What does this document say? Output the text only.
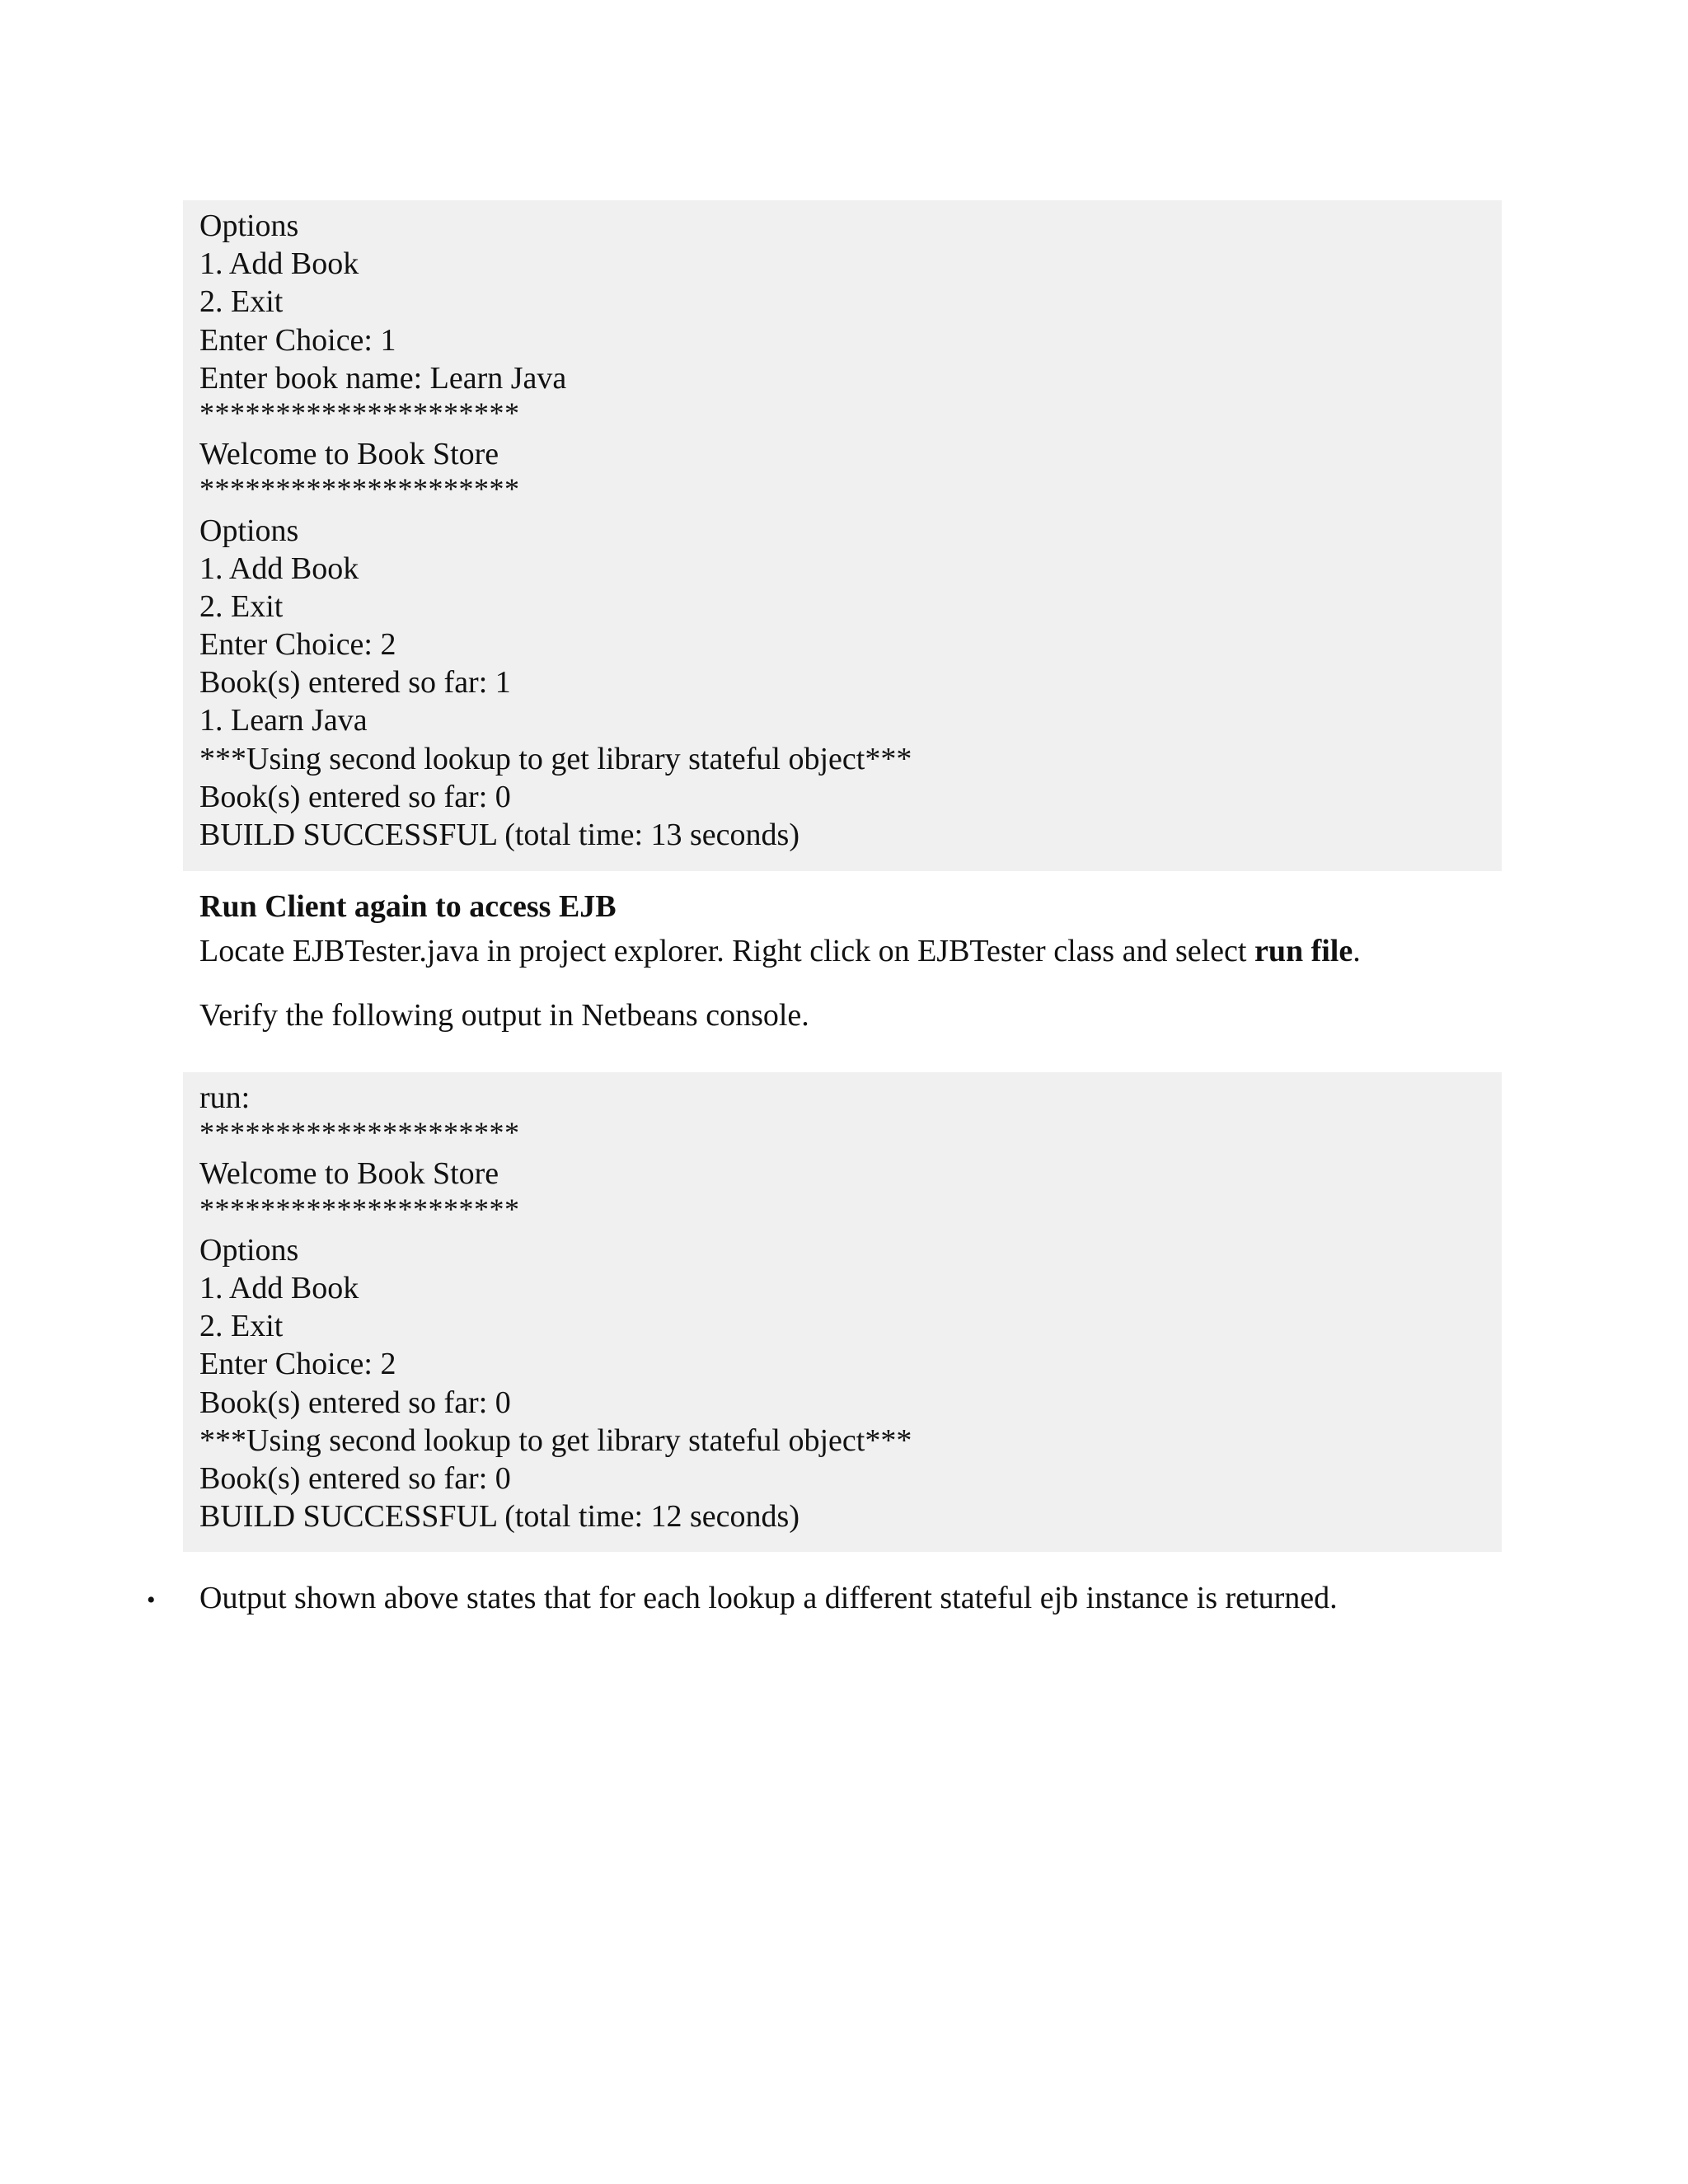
Options
1. Add Book
2. Exit
Enter Choice: 1
Enter book name: Learn Java
*********************
Welcome to Book Store
*********************
Options
1. Add Book
2. Exit
Enter Choice: 2
Book(s) entered so far: 1
1. Learn Java
***Using second lookup to get library stateful object***
Book(s) entered so far: 0
BUILD SUCCESSFUL (total time: 13 seconds)
Run Client again to access EJB
Locate EJBTester.java in project explorer. Right click on EJBTester class and select run file.
Verify the following output in Netbeans console.
run:
*********************
Welcome to Book Store
*********************
Options
1. Add Book
2. Exit
Enter Choice: 2
Book(s) entered so far: 0
***Using second lookup to get library stateful object***
Book(s) entered so far: 0
BUILD SUCCESSFUL (total time: 12 seconds)
• Output shown above states that for each lookup a different stateful ejb instance is returned.
